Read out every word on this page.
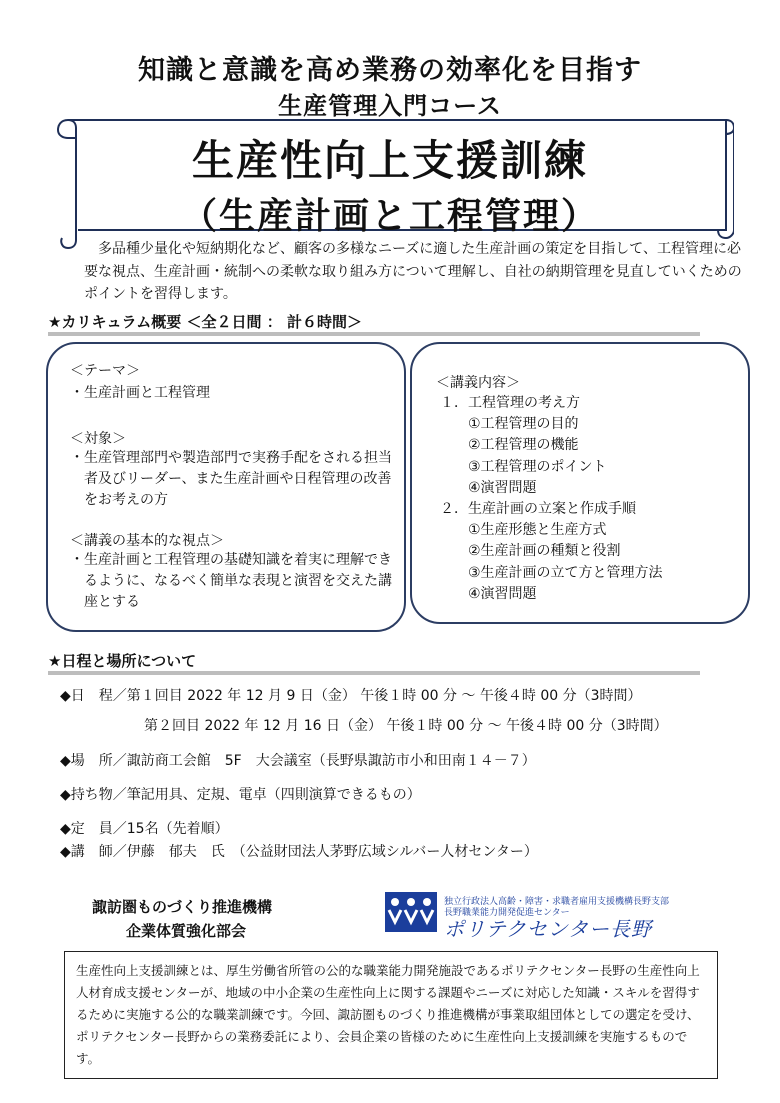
知識と意識を高め業務の効率化を目指す
生産管理入門コース
生産性向上支援訓練
（生産計画と工程管理）
多品種少量化や短納期化など、顧客の多様なニーズに適した生産計画の策定を目指して、工程管理に必要な視点、生産計画・統制への柔軟な取り組み方について理解し、自社の納期管理を見直していくためのポイントを習得します。
★カリキュラム概要 ＜全２日間 ： 計６時間＞
＜テーマ＞
・生産計画と工程管理
＜対象＞
・生産管理部門や製造部門で実務手配をされる担当者及びリーダー、また生産計画や日程管理の改善をお考えの方
＜講義の基本的な視点＞
・生産計画と工程管理の基礎知識を着実に理解できるように、なるべく簡単な表現と演習を交えた講座とする
＜講義内容＞
１．工程管理の考え方
①工程管理の目的
②工程管理の機能
③工程管理のポイント
④演習問題
２．生産計画の立案と作成手順
①生産形態と生産方式
②生産計画の種類と役割
③生産計画の立て方と管理方法
④演習問題
★日程と場所について
◆日　程／第１回目 2022 年 12 月 9 日（金） 午後１時 00 分 ～ 午後４時 00 分（3時間）
第２回目 2022 年 12 月 16 日（金） 午後１時 00 分 ～ 午後４時 00 分（3時間）
◆場　所／諏訪商工会館　5F　大会議室（長野県諏訪市小和田南１４－７）
◆持ち物／筆記用具、定規、電卓（四則演算できるもの）
◆定　員／15名（先着順）
◆講　師／伊藤　郁夫　氏　（公益財団法人茅野広域シルバー人材センター）
諏訪圏ものづくり推進機構
企業体質強化部会
独立行政法人高齢・障害・求職者雇用支援機構長野支部
長野職業能力開発促進センター
ポリテクセンター長野
生産性向上支援訓練とは、厚生労働省所管の公的な職業能力開発施設であるポリテクセンター長野の生産性向上人材育成支援センターが、地域の中小企業の生産性向上に関する課題やニーズに対応した知識・スキルを習得するために実施する公的な職業訓練です。今回、諏訪圏ものづくり推進機構が事業取組団体としての選定を受け、ポリテクセンター長野からの業務委託により、会員企業の皆様のために生産性向上支援訓練を実施するものです。
